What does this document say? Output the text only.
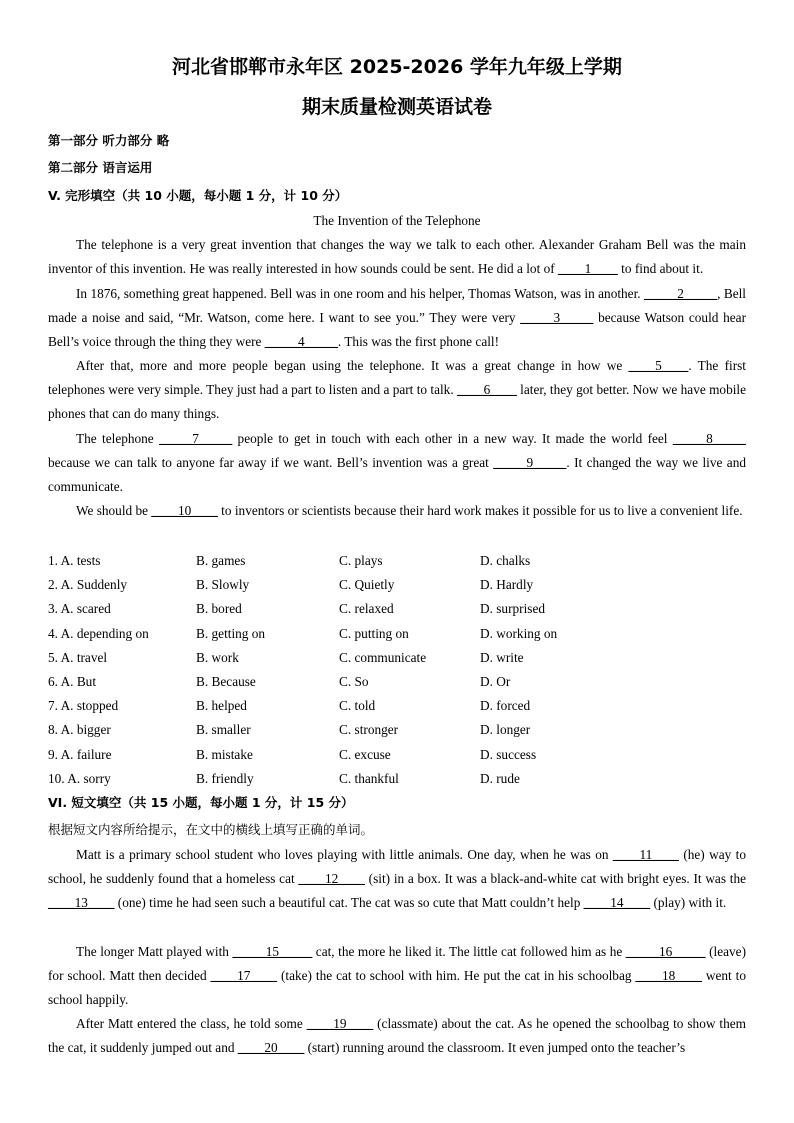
河北省邯郸市永年区 2025-2026 学年九年级上学期
期末质量检测英语试卷
第一部分 听力部分 略
第二部分 语言运用
V. 完形填空（共 10 小题，每小题 1 分，计 10 分）
The Invention of the Telephone
The telephone is a very great invention that changes the way we talk to each other. Alexander Graham Bell was the main inventor of this invention. He was really interested in how sounds could be sent. He did a lot of ____1____ to find about it.
In 1876, something great happened. Bell was in one room and his helper, Thomas Watson, was in another. _____2_____, Bell made a noise and said, “Mr. Watson, come here. I want to see you.” They were very _____3_____ because Watson could hear Bell’s voice through the thing they were _____4_____. This was the first phone call!
After that, more and more people began using the telephone. It was a great change in how we ____5____. The first telephones were very simple. They just had a part to listen and a part to talk. ____6____ later, they got better. Now we have mobile phones that can do many things.
The telephone _____7_____ people to get in touch with each other in a new way. It made the world feel _____8_____ because we can talk to anyone far away if we want. Bell’s invention was a great _____9_____. It changed the way we live and communicate.
We should be ____10____ to inventors or scientists because their hard work makes it possible for us to live a convenient life.
1. A. tests	B. games	C. plays	D. chalks
2. A. Suddenly	B. Slowly	C. Quietly	D. Hardly
3. A. scared	B. bored	C. relaxed	D. surprised
4. A. depending on	B. getting on	C. putting on	D. working on
5. A. travel	B. work	C. communicate	D. write
6. A. But	B. Because	C. So	D. Or
7. A. stopped	B. helped	C. told	D. forced
8. A. bigger	B. smaller	C. stronger	D. longer
9. A. failure	B. mistake	C. excuse	D. success
10. A. sorry	B. friendly	C. thankful	D. rude
VI. 短文填空（共 15 小题，每小题 1 分，计 15 分）
根据短文内容所给提示，在文中的横线上填写正确的单词。
Matt is a primary school student who loves playing with little animals. One day, when he was on ____11____ (he) way to school, he suddenly found that a homeless cat ____12____ (sit) in a box. It was a black-and-white cat with bright eyes. It was the ____13____ (one) time he had seen such a beautiful cat. The cat was so cute that Matt couldn’t help ____14____ (play) with it.
The longer Matt played with _____15_____ cat, the more he liked it. The little cat followed him as he _____16_____ (leave) for school. Matt then decided ____17____ (take) the cat to school with him. He put the cat in his schoolbag ____18____ went to school happily.
After Matt entered the class, he told some ____19____ (classmate) about the cat. As he opened the schoolbag to show them the cat, it suddenly jumped out and ____20____ (start) running around the classroom. It even jumped onto the teacher’s
